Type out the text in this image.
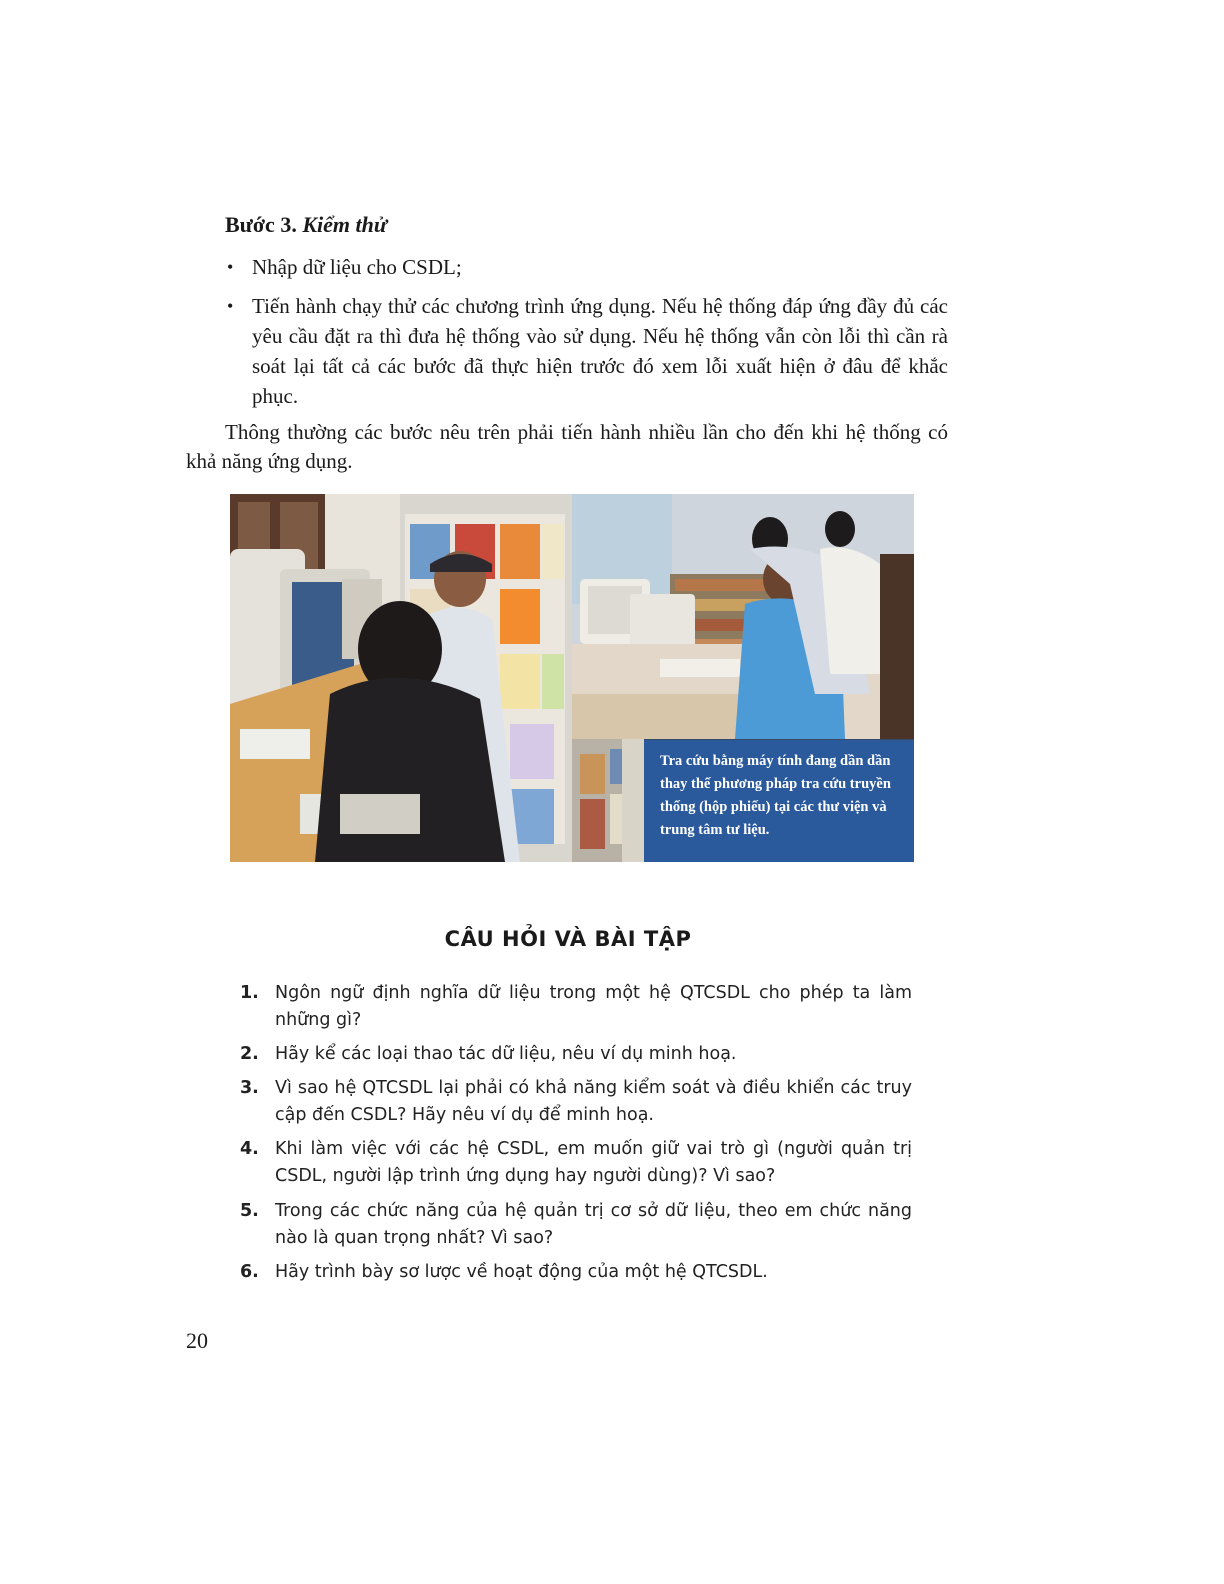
Bước 3. Kiểm thử
• Nhập dữ liệu cho CSDL;
• Tiến hành chạy thử các chương trình ứng dụng. Nếu hệ thống đáp ứng đầy đủ các yêu cầu đặt ra thì đưa hệ thống vào sử dụng. Nếu hệ thống vẫn còn lỗi thì cần rà soát lại tất cả các bước đã thực hiện trước đó xem lỗi xuất hiện ở đâu để khắc phục.
Thông thường các bước nêu trên phải tiến hành nhiều lần cho đến khi hệ thống có khả năng ứng dụng.
Tra cứu bằng máy tính đang dần dần thay thế phương pháp tra cứu truyền thống (hộp phiếu) tại các thư viện và trung tâm tư liệu.
CÂU HỎI VÀ BÀI TẬP
1. Ngôn ngữ định nghĩa dữ liệu trong một hệ QTCSDL cho phép ta làm những gì?
2. Hãy kể các loại thao tác dữ liệu, nêu ví dụ minh hoạ.
3. Vì sao hệ QTCSDL lại phải có khả năng kiểm soát và điều khiển các truy cập đến CSDL? Hãy nêu ví dụ để minh hoạ.
4. Khi làm việc với các hệ CSDL, em muốn giữ vai trò gì (người quản trị CSDL, người lập trình ứng dụng hay người dùng)? Vì sao?
5. Trong các chức năng của hệ quản trị cơ sở dữ liệu, theo em chức năng nào là quan trọng nhất? Vì sao?
6. Hãy trình bày sơ lược về hoạt động của một hệ QTCSDL.
20
